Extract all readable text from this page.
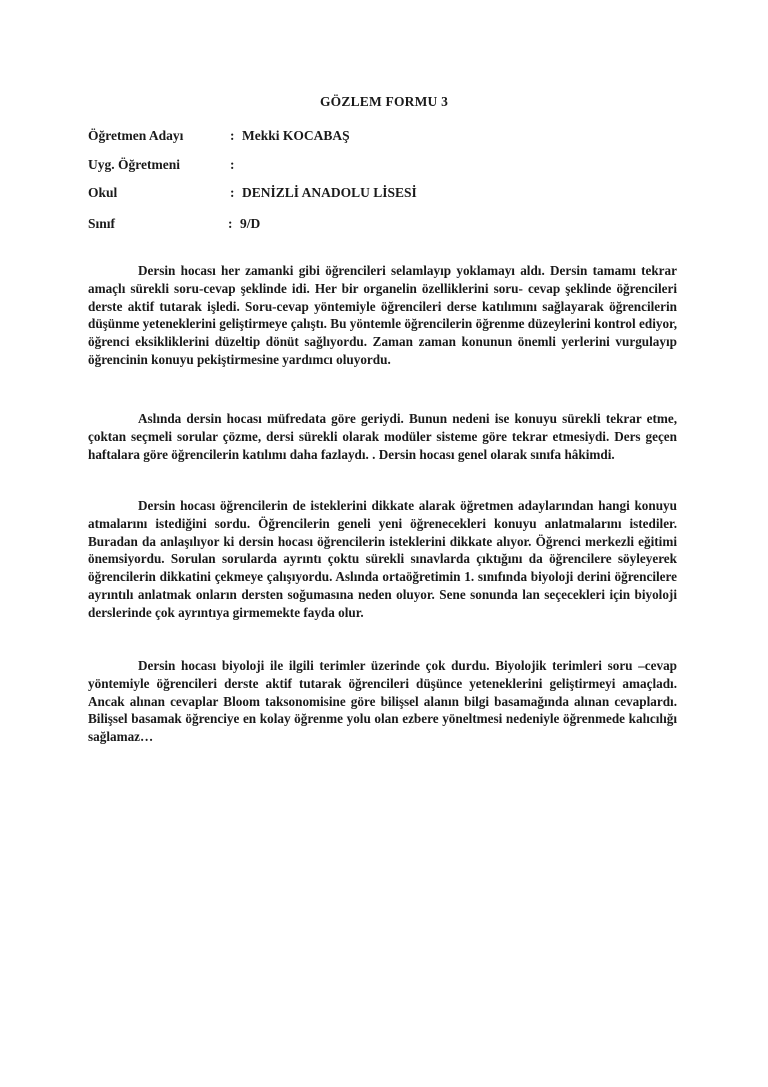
GÖZLEM FORMU 3
Öğretmen Adayı	: Mekki KOCABAŞ
Uyg. Öğretmeni	:
Okul	: DENİZLİ ANADOLU LİSESİ
Sınıf	: 9/D

Dersin hocası her zamanki gibi öğrencileri selamlayıp yoklamayı aldı. Dersin tamamı tekrar amaçlı sürekli soru-cevap şeklinde idi. Her bir organelin özelliklerini soru- cevap şeklinde öğrencileri derste aktif tutarak işledi. Soru-cevap yöntemiyle öğrencileri derse katılımını sağlayarak öğrencilerin düşünme yeteneklerini geliştirmeye çalıştı. Bu yöntemle öğrencilerin öğrenme düzeylerini kontrol ediyor, öğrenci eksikliklerini düzeltip dönüt sağlıyordu. Zaman zaman konunun önemli yerlerini vurgulayıp öğrencinin konuyu pekiştirmesine yardımcı oluyordu.

Aslında dersin hocası müfredata göre geriydi. Bunun nedeni ise konuyu sürekli tekrar etme, çoktan seçmeli sorular çözme, dersi sürekli olarak modüler sisteme göre tekrar etmesiydi. Ders geçen haftalara göre öğrencilerin katılımı daha fazlaydı. . Dersin hocası genel olarak sınıfa hâkimdi.

Dersin hocası öğrencilerin de isteklerini dikkate alarak öğretmen adaylarından hangi konuyu atmalarını istediğini sordu. Öğrencilerin geneli yeni öğrenecekleri konuyu anlatmalarını istediler. Buradan da anlaşılıyor ki dersin hocası öğrencilerin isteklerini dikkate alıyor. Öğrenci merkezli eğitimi önemsiyordu. Sorulan sorularda ayrıntı çoktu sürekli sınavlarda çıktığını da öğrencilere söyleyerek öğrencilerin dikkatini çekmeye çalışıyordu. Aslında ortaöğretimin 1. sınıfında biyoloji derini öğrencilere ayrıntılı anlatmak onların dersten soğumasına neden oluyor. Sene sonunda lan seçecekleri için biyoloji derslerinde çok ayrıntıya girmemekte fayda olur.

Dersin hocası biyoloji ile ilgili terimler üzerinde çok durdu. Biyolojik terimleri soru –cevap yöntemiyle öğrencileri derste aktif tutarak öğrencileri düşünce yeteneklerini geliştirmeyi amaçladı. Ancak alınan cevaplar Bloom taksonomisine göre bilişsel alanın bilgi basamağında alınan cevaplardı. Bilişsel basamak öğrenciye en kolay öğrenme yolu olan ezbere yöneltmesi nedeniyle öğrenmede kalıcılığı sağlamaz…
